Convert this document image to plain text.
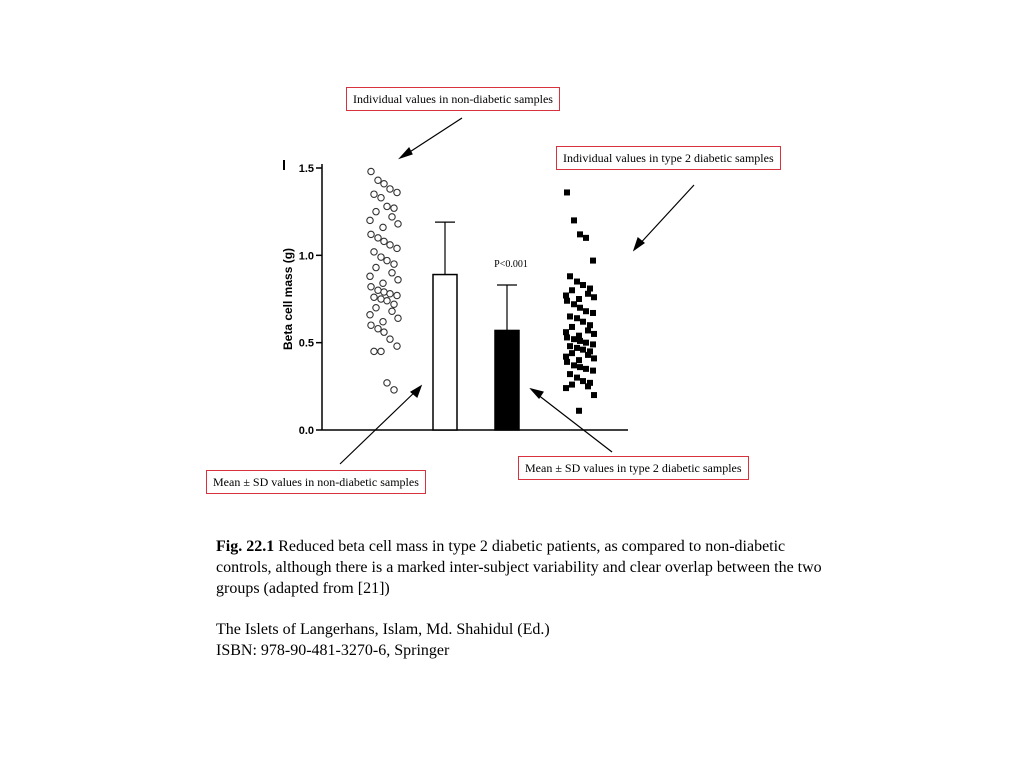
0.0
0.5
1.0
1.5
Beta cell mass (g)	P<0.001
Individual values in non-diabetic samples
Individual values in type 2 diabetic samples
Mean ± SD values in non-diabetic samples
Mean ± SD values in type 2 diabetic samples
Fig. 22.1 Reduced beta cell mass in type 2 diabetic patients, as compared to non-diabetic controls, although there is a marked inter-subject variability and clear overlap between the two groups (adapted from [21])
The Islets of Langerhans, Islam, Md. Shahidul (Ed.)
ISBN: 978-90-481-3270-6, Springer
